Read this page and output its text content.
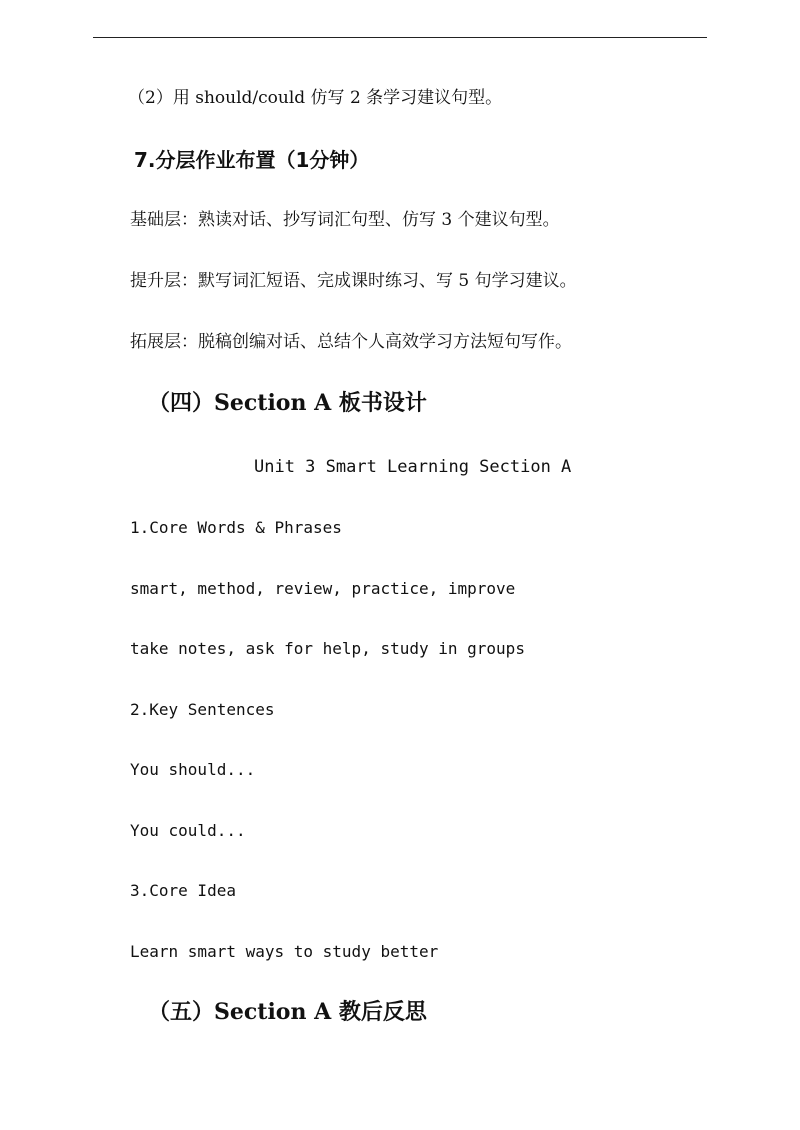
（2）用 should/could 仿写 2 条学习建议句型。
7.分层作业布置（1分钟）
基础层：熟读对话、抄写词汇句型、仿写 3 个建议句型。
提升层：默写词汇短语、完成课时练习、写 5 句学习建议。
拓展层：脱稿创编对话、总结个人高效学习方法短句写作。
（四）Section A 板书设计
Unit 3 Smart Learning Section A
1.Core Words & Phrases
smart, method, review, practice, improve
take notes, ask for help, study in groups
2.Key Sentences
You should...
You could...
3.Core Idea
Learn smart ways to study better
（五）Section A 教后反思
